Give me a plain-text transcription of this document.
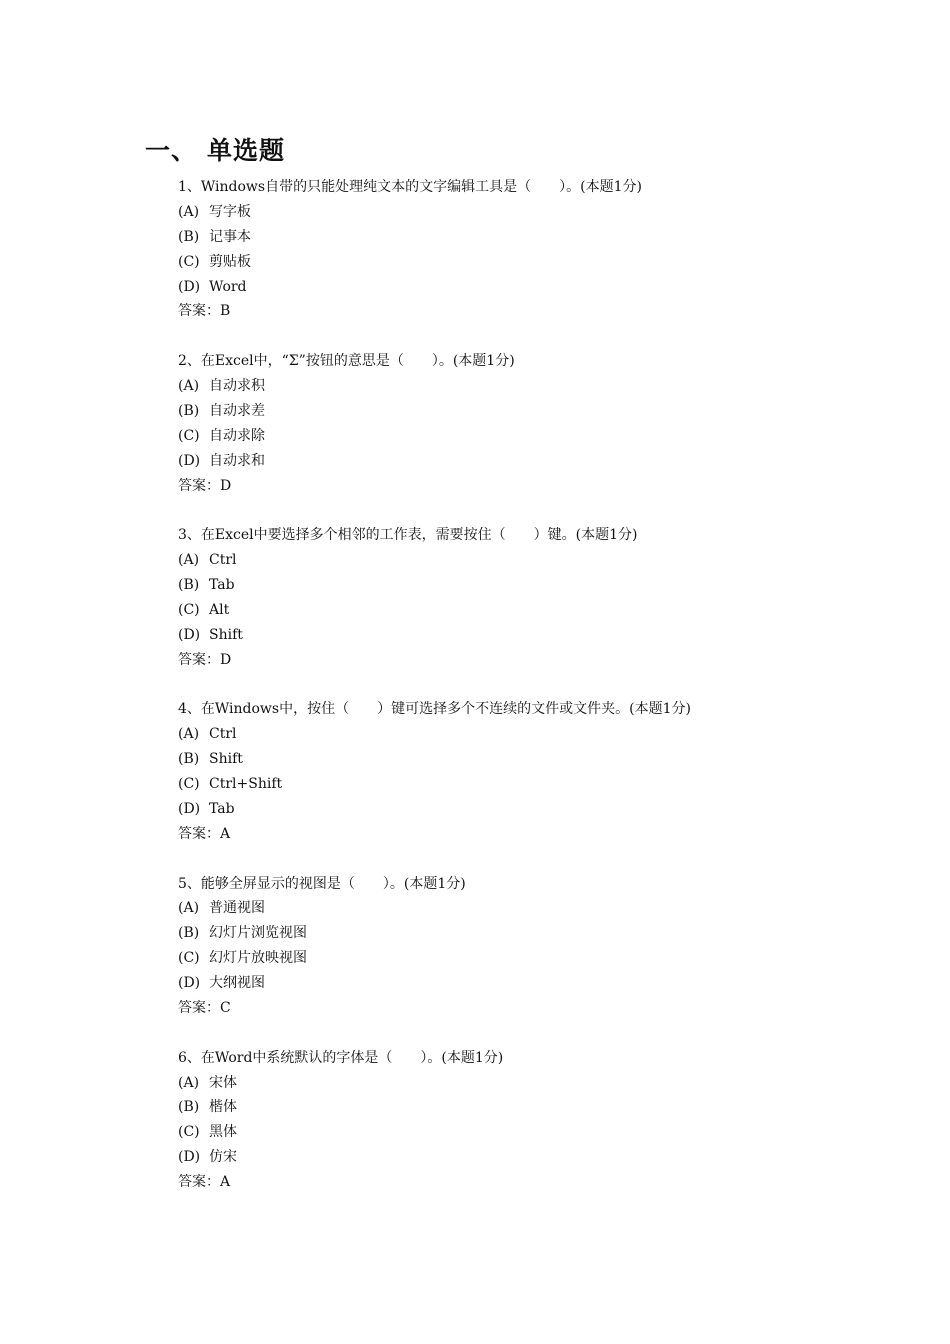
一、 单选题
1、Windows自带的只能处理纯文本的文字编辑工具是（　　）。(本题1分)
(A) 写字板
(B) 记事本
(C) 剪贴板
(D) Word
答案：B
2、在Excel中，“Σ”按钮的意思是（　　）。(本题1分)
(A) 自动求积
(B) 自动求差
(C) 自动求除
(D) 自动求和
答案：D
3、在Excel中要选择多个相邻的工作表，需要按住（　　）键。(本题1分)
(A) Ctrl
(B) Tab
(C) Alt
(D) Shift
答案：D
4、在Windows中，按住（　　）键可选择多个不连续的文件或文件夹。(本题1分)
(A) Ctrl
(B) Shift
(C) Ctrl+Shift
(D) Tab
答案：A
5、能够全屏显示的视图是（　　）。(本题1分)
(A) 普通视图
(B) 幻灯片浏览视图
(C) 幻灯片放映视图
(D) 大纲视图
答案：C
6、在Word中系统默认的字体是（　　）。(本题1分)
(A) 宋体
(B) 楷体
(C) 黑体
(D) 仿宋
答案：A
